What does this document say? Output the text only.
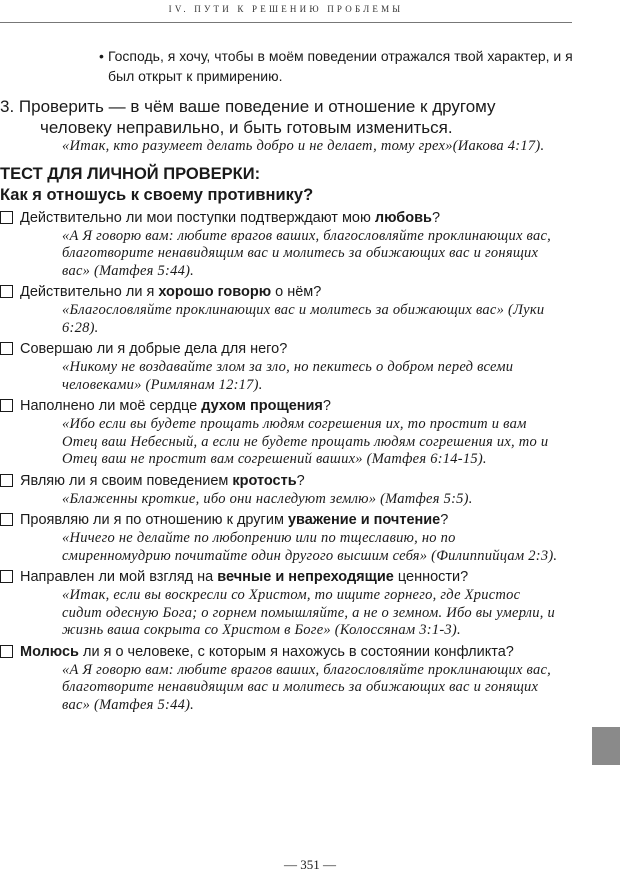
IV. ПУТИ К РЕШЕНИЮ ПРОБЛЕМЫ
• Господь, я хочу, чтобы в моём поведении отражался твой характер, и я был открыт к примирению.
3. Проверить — в чём ваше поведение и отношение к другому человеку неправильно, и быть готовым измениться.
«Итак, кто разумеет делать добро и не делает, тому грех»(Иакова 4:17).
ТЕСТ ДЛЯ ЛИЧНОЙ ПРОВЕРКИ:
Как я отношусь к своему противнику?
Действительно ли мои поступки подтверждают мою любовь?
«А Я говорю вам: любите врагов ваших, благословляйте проклинающих вас, благотворите ненавидящим вас и молитесь за обижающих вас и гонящих вас» (Матфея 5:44).
Действительно ли я хорошо говорю о нём?
«Благословляйте проклинающих вас и молитесь за обижающих вас» (Луки 6:28).
Совершаю ли я добрые дела для него?
«Никому не воздавайте злом за зло, но пекитесь о добром перед всеми человеками» (Римлянам 12:17).
Наполнено ли моё сердце духом прощения?
«Ибо если вы будете прощать людям согрешения их, то простит и вам Отец ваш Небесный, а если не будете прощать людям согрешения их, то и Отец ваш не простит вам согрешений ваших» (Матфея 6:14-15).
Являю ли я своим поведением кротость?
«Блаженны кроткие, ибо они наследуют землю» (Матфея 5:5).
Проявляю ли я по отношению к другим уважение и почтение?
«Ничего не делайте по любопрению или по тщеславию, но по смиренномудрию почитайте один другого высшим себя» (Филиппийцам 2:3).
Направлен ли мой взгляд на вечные и непреходящие ценности?
«Итак, если вы воскресли со Христом, то ищите горнего, где Христос сидит одесную Бога; о горнем помышляйте, а не о земном. Ибо вы умерли, и жизнь ваша сокрыта со Христом в Боге» (Колоссянам 3:1-3).
Молюсь ли я о человеке, с которым я нахожусь в состоянии конфликта?
«А Я говорю вам: любите врагов ваших, благословляйте проклинающих вас, благотворите ненавидящим вас и молитесь за обижающих вас и гонящих вас» (Матфея 5:44).
— 351 —
